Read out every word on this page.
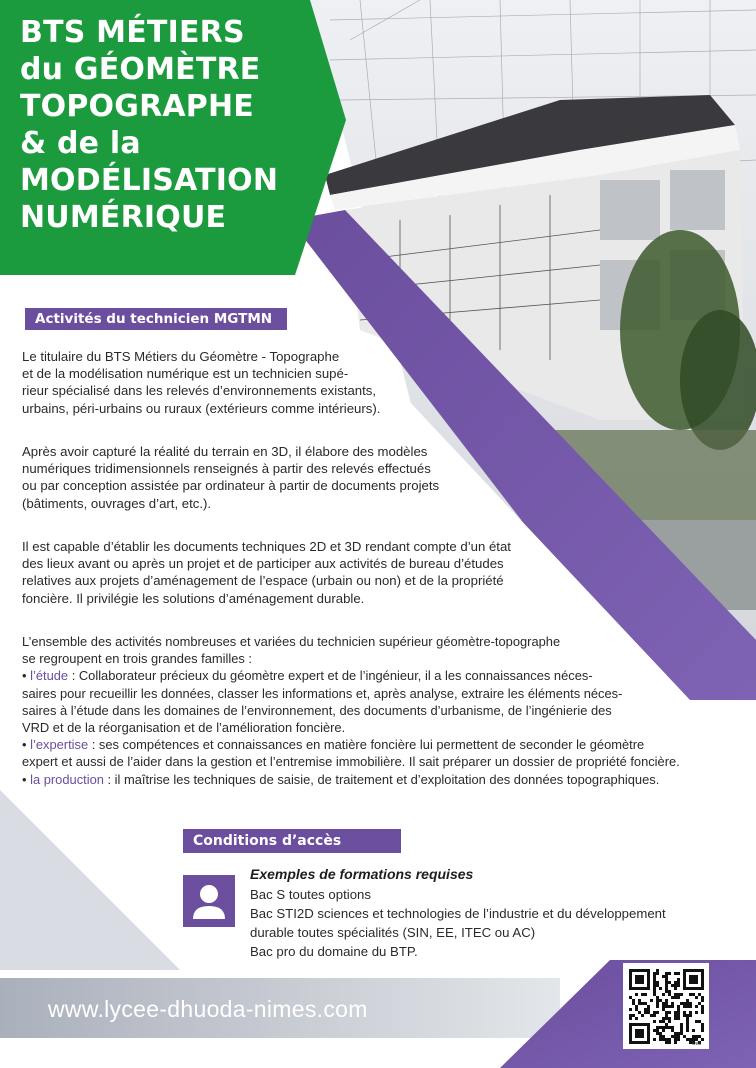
BTS MÉTIERS
du GÉOMÈTRE
TOPOGRAPHE
& de la
MODÉLISATION
NUMÉRIQUE
Activités du technicien MGTMN
Le titulaire du BTS Métiers du Géomètre - Topographe
et de la modélisation numérique est un technicien supé-
rieur spécialisé dans les relevés d’environnements existants,
urbains, péri-urbains ou ruraux (extérieurs comme intérieurs).
Après avoir capturé la réalité du terrain en 3D, il élabore des modèles
numériques tridimensionnels renseignés à partir des relevés effectués
ou par conception assistée par ordinateur à partir de documents projets
(bâtiments, ouvrages d’art, etc.).
Il est capable d’établir les documents techniques 2D et 3D rendant compte d’un état
des lieux avant ou après un projet et de participer aux activités de bureau d’études
relatives aux projets d’aménagement de l’espace (urbain ou non) et de la propriété
foncière. Il privilégie les solutions d’aménagement durable.
L’ensemble des activités nombreuses et variées du technicien supérieur géomètre-topographe
se regroupent en trois grandes familles :
• l’étude : Collaborateur précieux du géomètre expert et de l’ingénieur, il a les connaissances néces-
saires pour recueillir les données, classer les informations et, après analyse, extraire les éléments néces-
saires à l’étude dans les domaines de l’environnement, des documents d’urbanisme, de l’ingénierie des
VRD et de la réorganisation et de l’amélioration foncière.
• l’expertise : ses compétences et connaissances en matière foncière lui permettent de seconder le géomètre
expert et aussi de l’aider dans la gestion et l’entremise immobilière. Il sait préparer un dossier de propriété foncière.
• la production : il maîtrise les techniques de saisie, de traitement et d’exploitation des données topographiques.
Conditions d’accès
Exemples de formations requises
Bac S toutes options
Bac STI2D sciences et technologies de l’industrie et du développement
durable toutes spécialités (SIN, EE, ITEC ou AC)
Bac pro du domaine du BTP.
www.lycee-dhuoda-nimes.com
web
